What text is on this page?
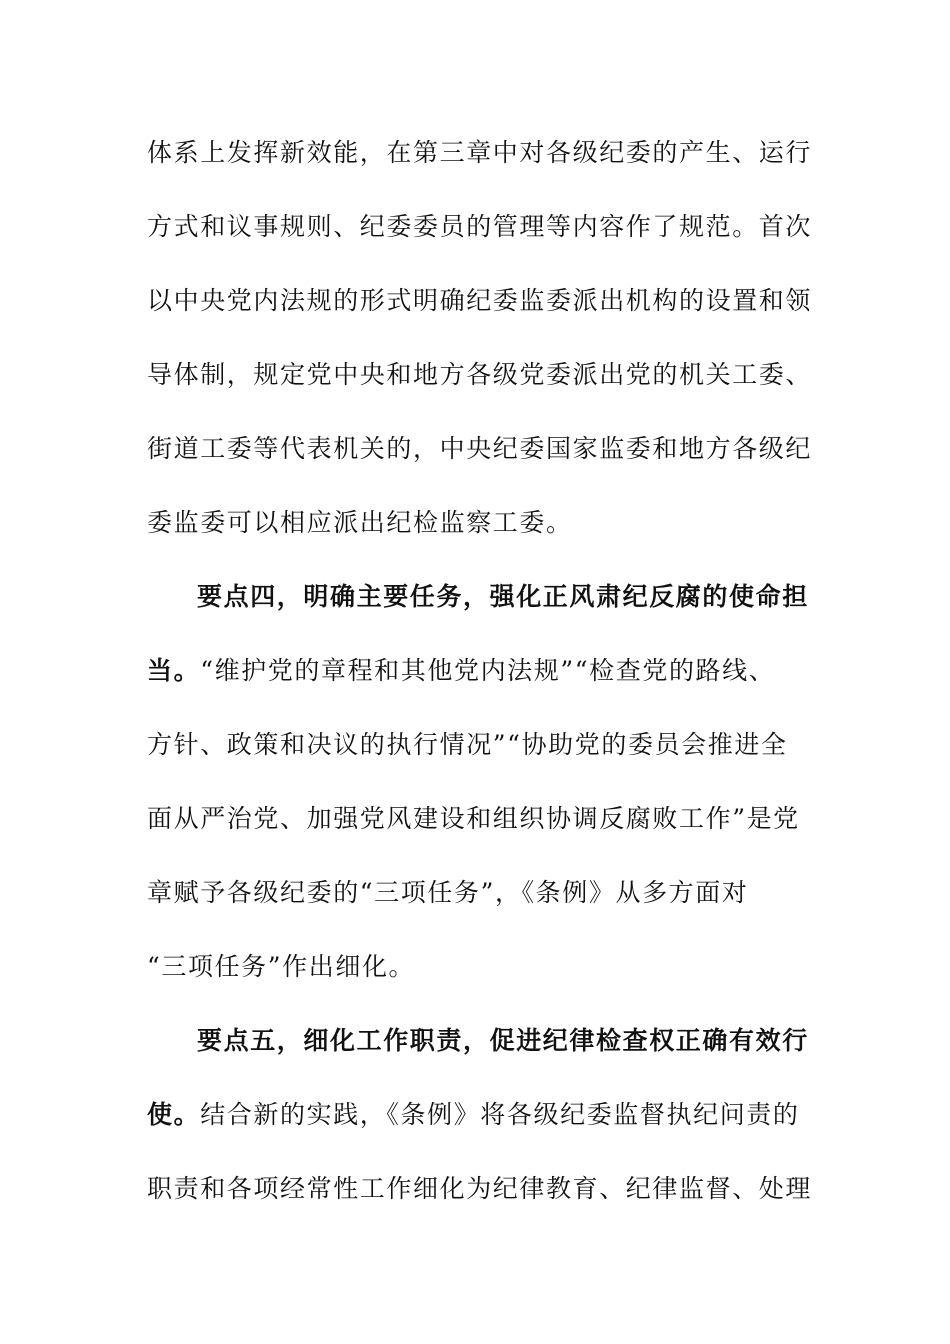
体系上发挥新效能，在第三章中对各级纪委的产生、运行
方式和议事规则、纪委委员的管理等内容作了规范。首次
以中央党内法规的形式明确纪委监委派出机构的设置和领
导体制，规定党中央和地方各级党委派出党的机关工委、
街道工委等代表机关的，中央纪委国家监委和地方各级纪
委监委可以相应派出纪检监察工委。
要点四，明确主要任务，强化正风肃纪反腐的使命担
当。“维护党的章程和其他党内法规”“检查党的路线、
方针、政策和决议的执行情况”“协助党的委员会推进全
面从严治党、加强党风建设和组织协调反腐败工作”是党
章赋予各级纪委的“三项任务”，《条例》从多方面对
“三项任务”作出细化。
要点五，细化工作职责，促进纪律检查权正确有效行
使。结合新的实践，《条例》将各级纪委监督执纪问责的
职责和各项经常性工作细化为纪律教育、纪律监督、处理
